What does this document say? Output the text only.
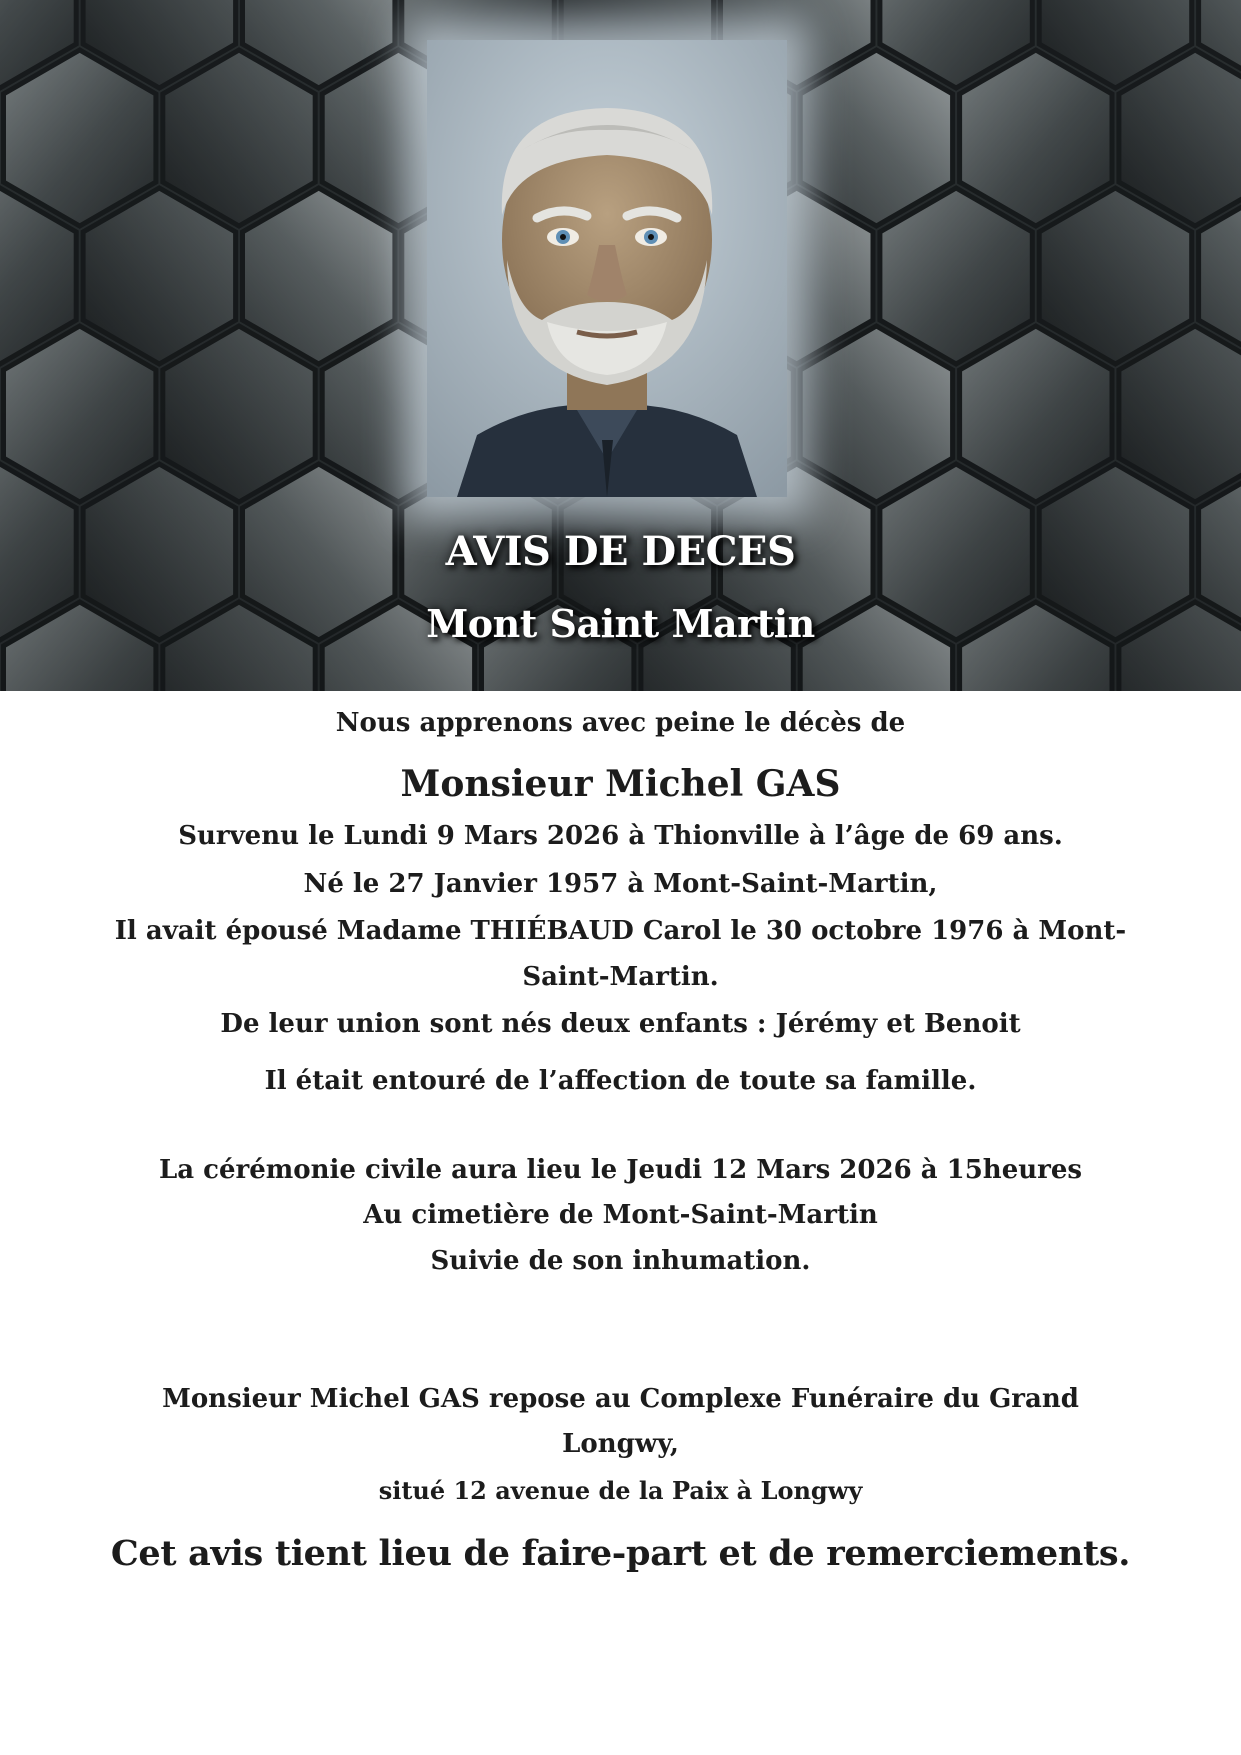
AVIS DE DECES
Mont Saint Martin

Nous apprenons avec peine le décès de

Monsieur Michel GAS

Survenu le Lundi 9 Mars 2026 à Thionville à l’âge de 69 ans.

Né le 27 Janvier 1957 à Mont-Saint-Martin,

Il avait épousé Madame THIÉBAUD Carol le 30 octobre 1976 à Mont-

Saint-Martin.

De leur union sont nés deux enfants : Jérémy et Benoit

Il était entouré de l’affection de toute sa famille.

La cérémonie civile aura lieu le Jeudi 12 Mars 2026 à 15heures

Au cimetière de Mont-Saint-Martin

Suivie de son inhumation.

Monsieur Michel GAS repose au Complexe Funéraire du Grand

Longwy,

situé 12 avenue de la Paix à Longwy

Cet avis tient lieu de faire-part et de remerciements.
